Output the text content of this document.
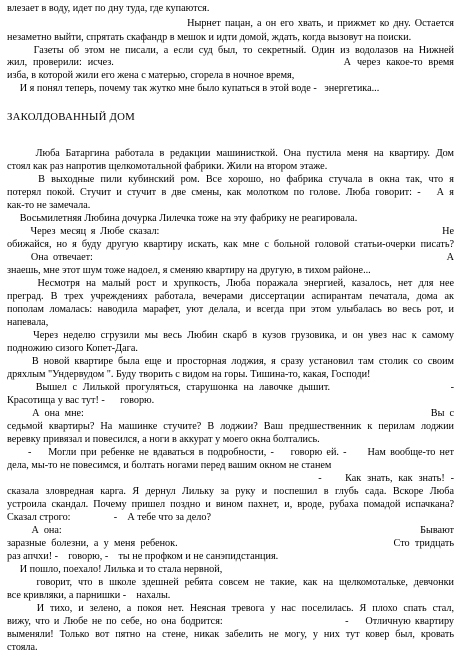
ЗАКОЛДОВАННЫЙ ДОМ
влезает в воду, идет по дну туда, где купаются.
Нырнет пацан, а он его хвать, и прижмет ко дну. Остается
незаметно выйти, спрятать скафандр в мешок и идти домой, ждать, когда вызовут на поиски.
Газеты об этом не писали, а если суд был, то секретный. Один из водолазов на Нижней
жил, проверили: исчез.                                       А через какое-то время
изба, в которой жили его жена с матерью, сгорела в ночное время,
И я понял теперь, почему так жутко мне было купаться в этой воде -   энергетика...
Люба Батаргина работала в редакции машинисткой. Она пустила меня на квартиру. Дом
стоял как раз напротив щелкомотальной фабрики. Жили на втором этаже.
В выходные пили кубинский ром. Все хорошо, но фабрика стучала в окна так, что я
потерял покой. Стучит и стучит в две смены, как молотком по голове. Люба говорит: -   А я
как-то не замечала.
Восьмилетняя Любина дочурка Лилечка тоже на эту фабрику не реагировала.
Через месяц я Любе сказал:                                                            Не
обижайся, но я буду другую квартиру искать, как мне с больной головой статьи-очерки писать?
Она отвечает:                                                                          А
знаешь, мне этот шум тоже надоел, я сменяю квартиру на другую, в тихом районе...
Несмотря на малый рост и хрупкость, Люба поражала энергией, казалось, нет для нее
преград. В трех учреждениях работала, вечерами диссертации аспирантам печатала, дома ак
пополам ломалась: наводила марафет, уют делала, и всегда при этом улыбалась во весь рот, и
напевала,
Через неделю сгрузили мы весь Любин скарб в кузов грузовика, и он увез нас к самому
подножию сизого Копет-Дага.
В новой квартире была еще и просторная лоджия, я сразу установил там столик со своим
дряхлым "Ундервудом ". Буду творить с видом на горы. Тишина-то, какая, Господи!
Вышел с Лилькой прогуляться, старушонка на лавочке дышит.                     -
Красотища у вас тут! -      говорю.
А она мне:                                                                     Вы с
седьмой квартиры? На машинке стучите? В лоджии? Ваш предшественник к перилам лоджии
веревку привязал и повесился, а ноги в аккурат у моего окна болтались.
-    Могли при ребенке не вдаваться в подробности, -    говорю ей. -     Нам вообще-то нет
дела, мы-то не повесимся, и болтать ногами перед вашим окном не станем
-    Как знать, как знать! -
сказала зловредная карга. Я дернул Лильку за руку и поспешил в глубь сада. Вскоре Люба
устроила скандал. Почему пришел поздно и вином пахнет, и, вроде, рубаха помадой испачкана?
Сказал строго:                 -    А тебе что за дело?
А она:                                                                         Бывают
заразные болезни, а у меня ребенок.                                         Сто тридцать
раз апчхи! -    говорю, -    ты не профком и не санэпидстанция.
И пошло, поехало! Лилька и то стала нервной,
говорит, что в школе здешней ребята совсем не такие, как на щелкомотальке, девчонки
все кривляки, а парнишки -    нахалы.
И тихо, и зелено, а покоя нет. Неясная тревога у нас поселилась. Я плохо спать стал,
вижу, что и Любе не по себе, но она бодрится:                             -    Отличную квартиру
выменяли! Только вот пятно на стене, никак забелить не могу, у них тут ковер был, кровать
стояла.
